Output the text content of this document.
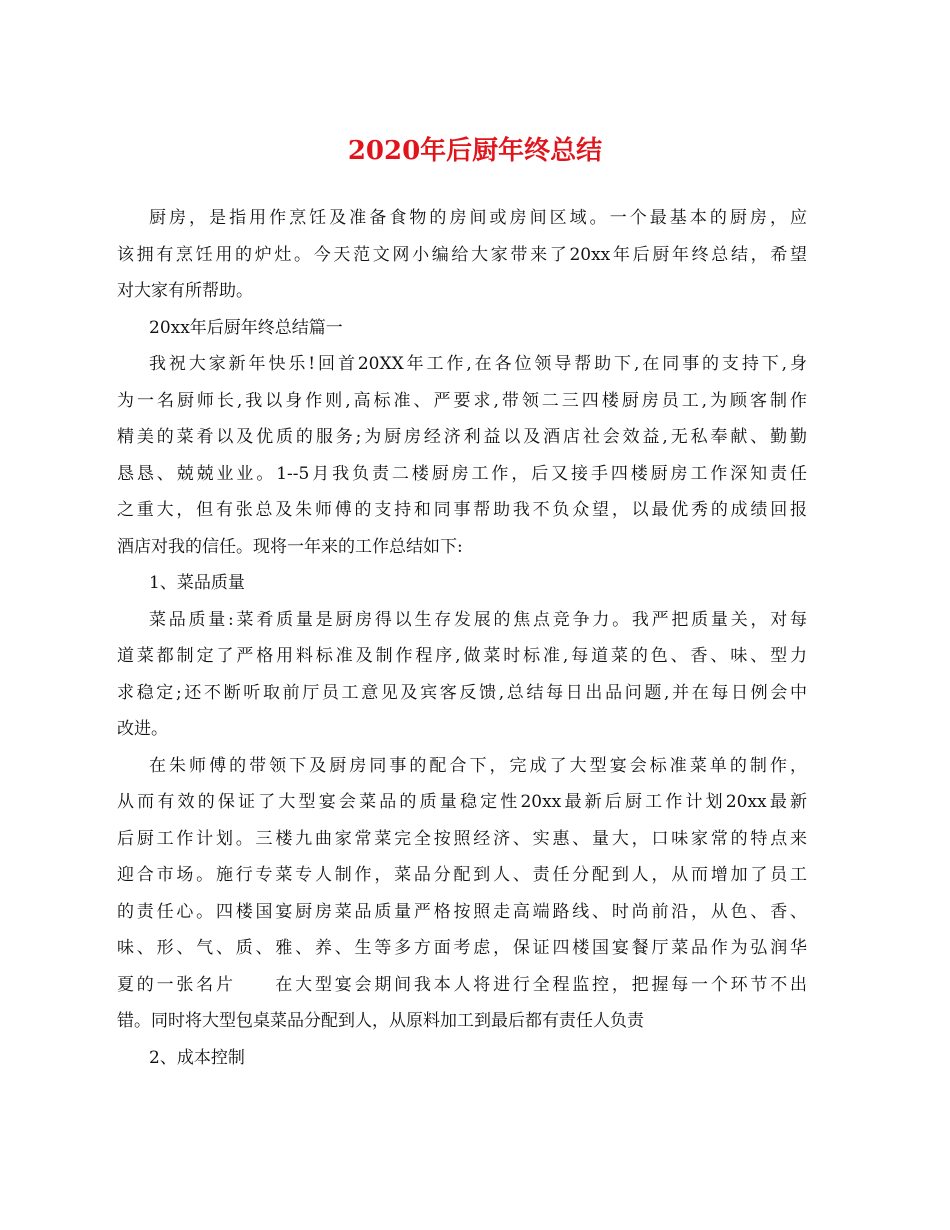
2020年后厨年终总结
厨房，是指用作烹饪及准备食物的房间或房间区域。一个最基本的厨房，应
该拥有烹饪用的炉灶。今天范文网小编给大家带来了20xx年后厨年终总结，希望
对大家有所帮助。
20xx年后厨年终总结篇一
我祝大家新年快乐!回首20XX年工作,在各位领导帮助下,在同事的支持下,身
为一名厨师长,我以身作则,高标准、严要求,带领二三四楼厨房员工,为顾客制作
精美的菜肴以及优质的服务;为厨房经济利益以及酒店社会效益,无私奉献、勤勤
恳恳、兢兢业业。1--5月我负责二楼厨房工作，后又接手四楼厨房工作深知责任
之重大，但有张总及朱师傅的支持和同事帮助我不负众望，以最优秀的成绩回报
酒店对我的信任。现将一年来的工作总结如下:
1、菜品质量
菜品质量:菜肴质量是厨房得以生存发展的焦点竞争力。我严把质量关，对每
道菜都制定了严格用料标准及制作程序,做菜时标准,每道菜的色、香、味、型力
求稳定;还不断听取前厅员工意见及宾客反馈,总结每日出品问题,并在每日例会中
改进。
在朱师傅的带领下及厨房同事的配合下，完成了大型宴会标准菜单的制作，
从而有效的保证了大型宴会菜品的质量稳定性20xx最新后厨工作计划20xx最新
后厨工作计划。三楼九曲家常菜完全按照经济、实惠、量大，口味家常的特点来
迎合市场。施行专菜专人制作，菜品分配到人、责任分配到人，从而增加了员工
的责任心。四楼国宴厨房菜品质量严格按照走高端路线、时尚前沿，从色、香、
味、形、气、质、雅、养、生等多方面考虑，保证四楼国宴餐厅菜品作为弘润华
夏的一张名片　　在大型宴会期间我本人将进行全程监控，把握每一个环节不出
错。同时将大型包桌菜品分配到人，从原料加工到最后都有责任人负责
2、成本控制
